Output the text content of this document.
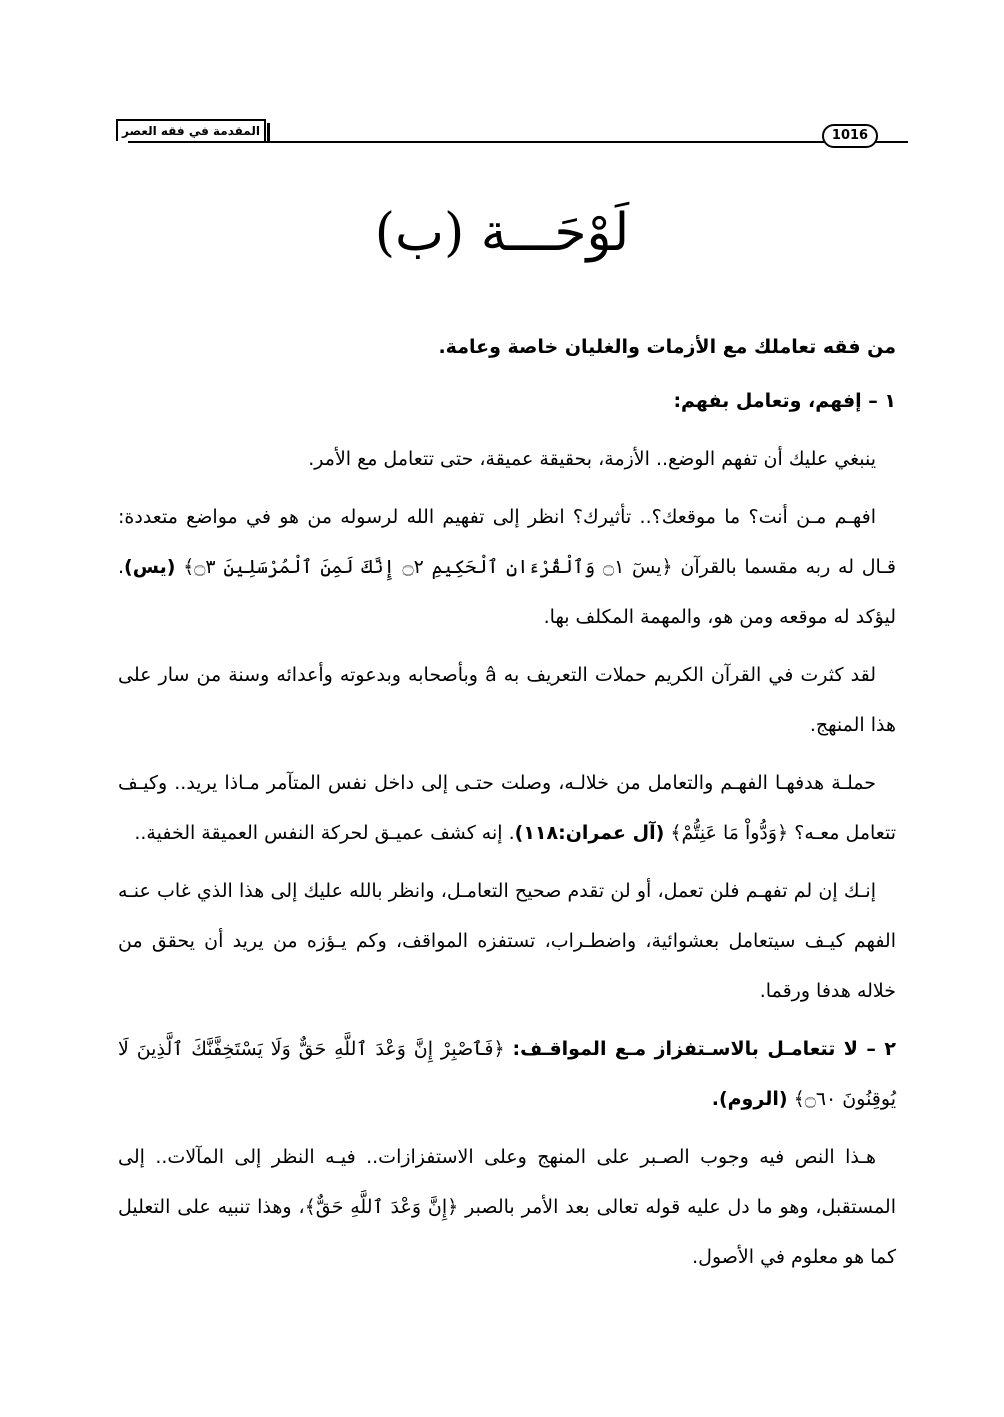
المقدمة في فقه العصر	1016
لَوْحَـــة (ب)

من فقه تعاملك مع الأزمات والغليان خاصة وعامة.

١ – إفهم، وتعامل بفهم:

ينبغي عليك أن تفهم الوضع.. الأزمة، بحقيقة عميقة، حتى تتعامل مع الأمر.

افهـم مـن أنت؟ ما موقعك؟.. تأثيرك؟ انظر إلى تفهيم الله لرسوله من هو في مواضع متعددة: قـال له ربه مقسما بالقرآن ﴿يسٓ ۝١ وَٱلْقُرْءَانِ ٱلْحَكِيمِ ۝٢ إِنَّكَ لَمِنَ ٱلْمُرْسَلِينَ ۝٣﴾ (يس). ليؤكد له موقعه ومن هو، والمهمة المكلف بها.

لقد كثرت في القرآن الكريم حملات التعريف به â وبأصحابه وبدعوته وأعدائه وسنة من سار على هذا المنهج.

حملـة هدفهـا الفهـم والتعامل من خلالـه، وصلت حتـى إلى داخل نفس المتآمر مـاذا يريد.. وكيـف تتعامل معـه؟ ﴿وَدُّواْ مَا عَنِتُّمْ﴾ (آل عمران:١١٨). إنه كشف عميـق لحركة النفس العميقة الخفية..

إنـك إن لم تفهـم فلن تعمل، أو لن تقدم صحيح التعامـل، وانظر بالله عليك إلى هذا الذي غاب عنـه الفهم كيـف سيتعامل بعشوائية، واضطـراب، تستفزه المواقف، وكم يـؤزه من يريد أن يحقق من خلاله هدفا ورقما.

٢ – لا تتعامـل بالاسـتفزاز مـع المواقـف: ﴿فَٱصْبِرْ إِنَّ وَعْدَ ٱللَّهِ حَقٌّ وَلَا يَسْتَخِفَّنَّكَ ٱلَّذِينَ لَا يُوقِنُونَ ۝٦٠﴾ (الروم).

هـذا النص فيه وجوب الصـبر على المنهج وعلى الاستفزازات.. فيـه النظر إلى المآلات.. إلى المستقبل، وهو ما دل عليه قوله تعالى بعد الأمر بالصبر ﴿إِنَّ وَعْدَ ٱللَّهِ حَقٌّ﴾، وهذا تنبيه على التعليل كما هو معلوم في الأصول.
